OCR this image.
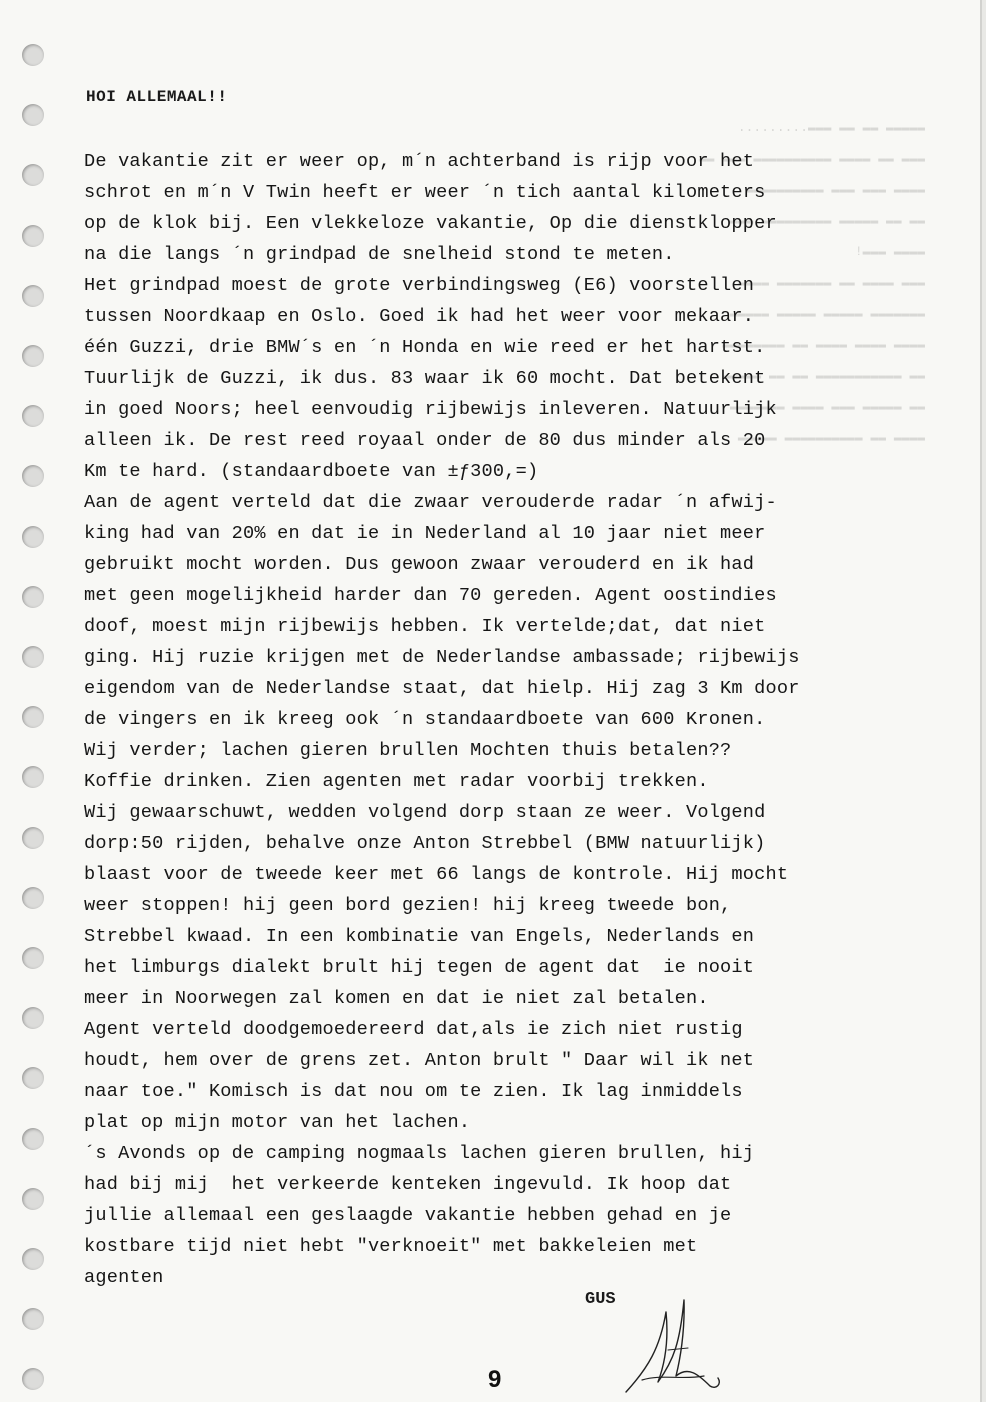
▬▬▬▬▬ ▬▬ ▬▬ ▬▬▬.........
▬▬▬ ▬▬ ▬▬▬▬ ▬▬▬▬▬▬▬▬▬▬ ▬▬▬ ▬▬
▬▬▬▬ ▬▬▬ ▬▬▬ ▬▬▬▬▬▬▬▬▬▬
▬▬ ▬▬ ▬▬▬▬▬ ▬▬▬▬▬▬▬▬▬ ▬▬▬
▬▬▬▬ ▬▬▬!
▬▬▬ ▬▬▬▬ ▬▬ ▬▬▬▬▬▬▬ ▬▬▬▬
▬▬▬▬▬▬▬ ▬▬▬▬▬ ▬▬▬▬▬ ▬▬▬▬▬
▬▬▬▬ ▬▬▬▬ ▬▬▬▬ ▬▬ ▬▬▬▬▬▬▬▬
▬▬ ▬▬▬▬▬▬▬▬▬▬▬ ▬▬ ▬▬ ▬▬▬▬▬
▬▬ ▬▬▬▬▬ ▬▬▬ ▬▬▬▬ ▬▬▬▬▬▬▬
▬▬▬▬ ▬▬ ▬▬▬▬▬▬▬▬▬▬ ▬▬▬▬▬
HOI ALLEMAAL!!
De vakantie zit er weer op, m´n achterband is rijp voor het
schrot en m´n V Twin heeft er weer ´n tich aantal kilometers
op de klok bij. Een vlekkeloze vakantie, Op die dienstklopper
na die langs ´n grindpad de snelheid stond te meten.
Het grindpad moest de grote verbindingsweg (E6) voorstellen
tussen Noordkaap en Oslo. Goed ik had het weer voor mekaar.
één Guzzi, drie BMW´s en ´n Honda en wie reed er het hartst.
Tuurlijk de Guzzi, ik dus. 83 waar ik 60 mocht. Dat betekent
in goed Noors; heel eenvoudig rijbewijs inleveren. Natuurlijk
alleen ik. De rest reed royaal onder de 80 dus minder als 20
Km te hard. (standaardboete van ±ƒ300,=)
Aan de agent verteld dat die zwaar verouderde radar ´n afwij-
king had van 20% en dat ie in Nederland al 10 jaar niet meer
gebruikt mocht worden. Dus gewoon zwaar verouderd en ik had
met geen mogelijkheid harder dan 70 gereden. Agent oostindies
doof, moest mijn rijbewijs hebben. Ik vertelde;dat, dat niet
ging. Hij ruzie krijgen met de Nederlandse ambassade; rijbewijs
eigendom van de Nederlandse staat, dat hielp. Hij zag 3 Km door
de vingers en ik kreeg ook ´n standaardboete van 600 Kronen.
Wij verder; lachen gieren brullen Mochten thuis betalen??
Koffie drinken. Zien agenten met radar voorbij trekken.
Wij gewaarschuwt, wedden volgend dorp staan ze weer. Volgend
dorp:50 rijden, behalve onze Anton Strebbel (BMW natuurlijk)
blaast voor de tweede keer met 66 langs de kontrole. Hij mocht
weer stoppen! hij geen bord gezien! hij kreeg tweede bon,
Strebbel kwaad. In een kombinatie van Engels, Nederlands en
het limburgs dialekt brult hij tegen de agent dat  ie nooit
meer in Noorwegen zal komen en dat ie niet zal betalen.
Agent verteld doodgemoedereerd dat,als ie zich niet rustig
houdt, hem over de grens zet. Anton brult " Daar wil ik net
naar toe." Komisch is dat nou om te zien. Ik lag inmiddels
plat op mijn motor van het lachen.
´s Avonds op de camping nogmaals lachen gieren brullen, hij
had bij mij  het verkeerde kenteken ingevuld. Ik hoop dat
jullie allemaal een geslaagde vakantie hebben gehad en je
kostbare tijd niet hebt "verknoeit" met bakkeleien met
agenten
GUS
9
